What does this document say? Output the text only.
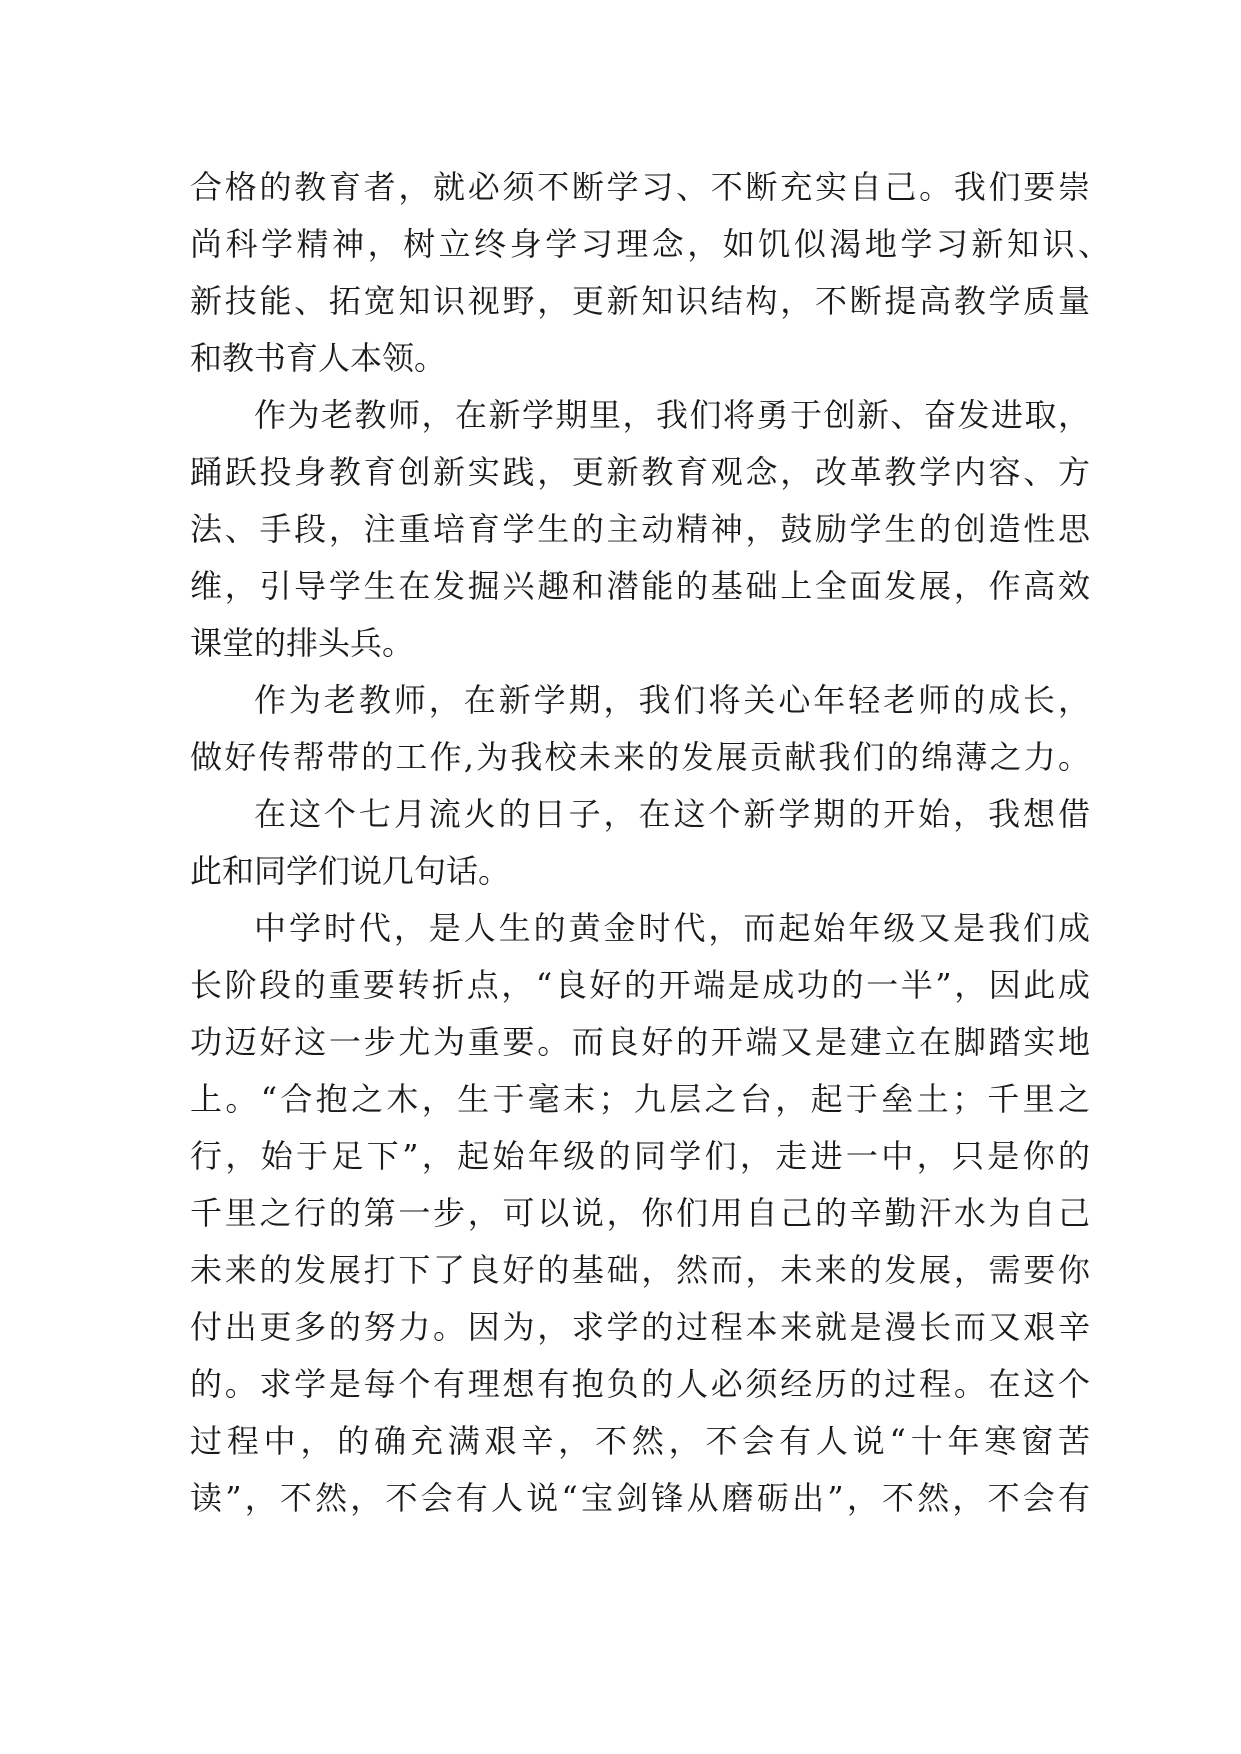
合格的教育者，就必须不断学习、不断充实自己。我们要崇
尚科学精神，树立终身学习理念，如饥似渴地学习新知识、
新技能、拓宽知识视野，更新知识结构，不断提高教学质量
和教书育人本领。
作为老教师，在新学期里，我们将勇于创新、奋发进取，
踊跃投身教育创新实践，更新教育观念，改革教学内容、方
法、手段，注重培育学生的主动精神，鼓励学生的创造性思
维，引导学生在发掘兴趣和潜能的基础上全面发展，作高效
课堂的排头兵。
作为老教师，在新学期，我们将关心年轻老师的成长，
做好传帮带的工作,为我校未来的发展贡献我们的绵薄之力。
在这个七月流火的日子，在这个新学期的开始，我想借
此和同学们说几句话。
中学时代，是人生的黄金时代，而起始年级又是我们成
长阶段的重要转折点，“良好的开端是成功的一半”，因此成
功迈好这一步尤为重要。而良好的开端又是建立在脚踏实地
上。“合抱之木，生于毫末；九层之台，起于垒土；千里之
行，始于足下”，起始年级的同学们，走进一中，只是你的
千里之行的第一步，可以说，你们用自己的辛勤汗水为自己
未来的发展打下了良好的基础，然而，未来的发展，需要你
付出更多的努力。因为，求学的过程本来就是漫长而又艰辛
的。求学是每个有理想有抱负的人必须经历的过程。在这个
过程中，的确充满艰辛，不然，不会有人说“十年寒窗苦
读”，不然，不会有人说“宝剑锋从磨砺出”，不然，不会有
